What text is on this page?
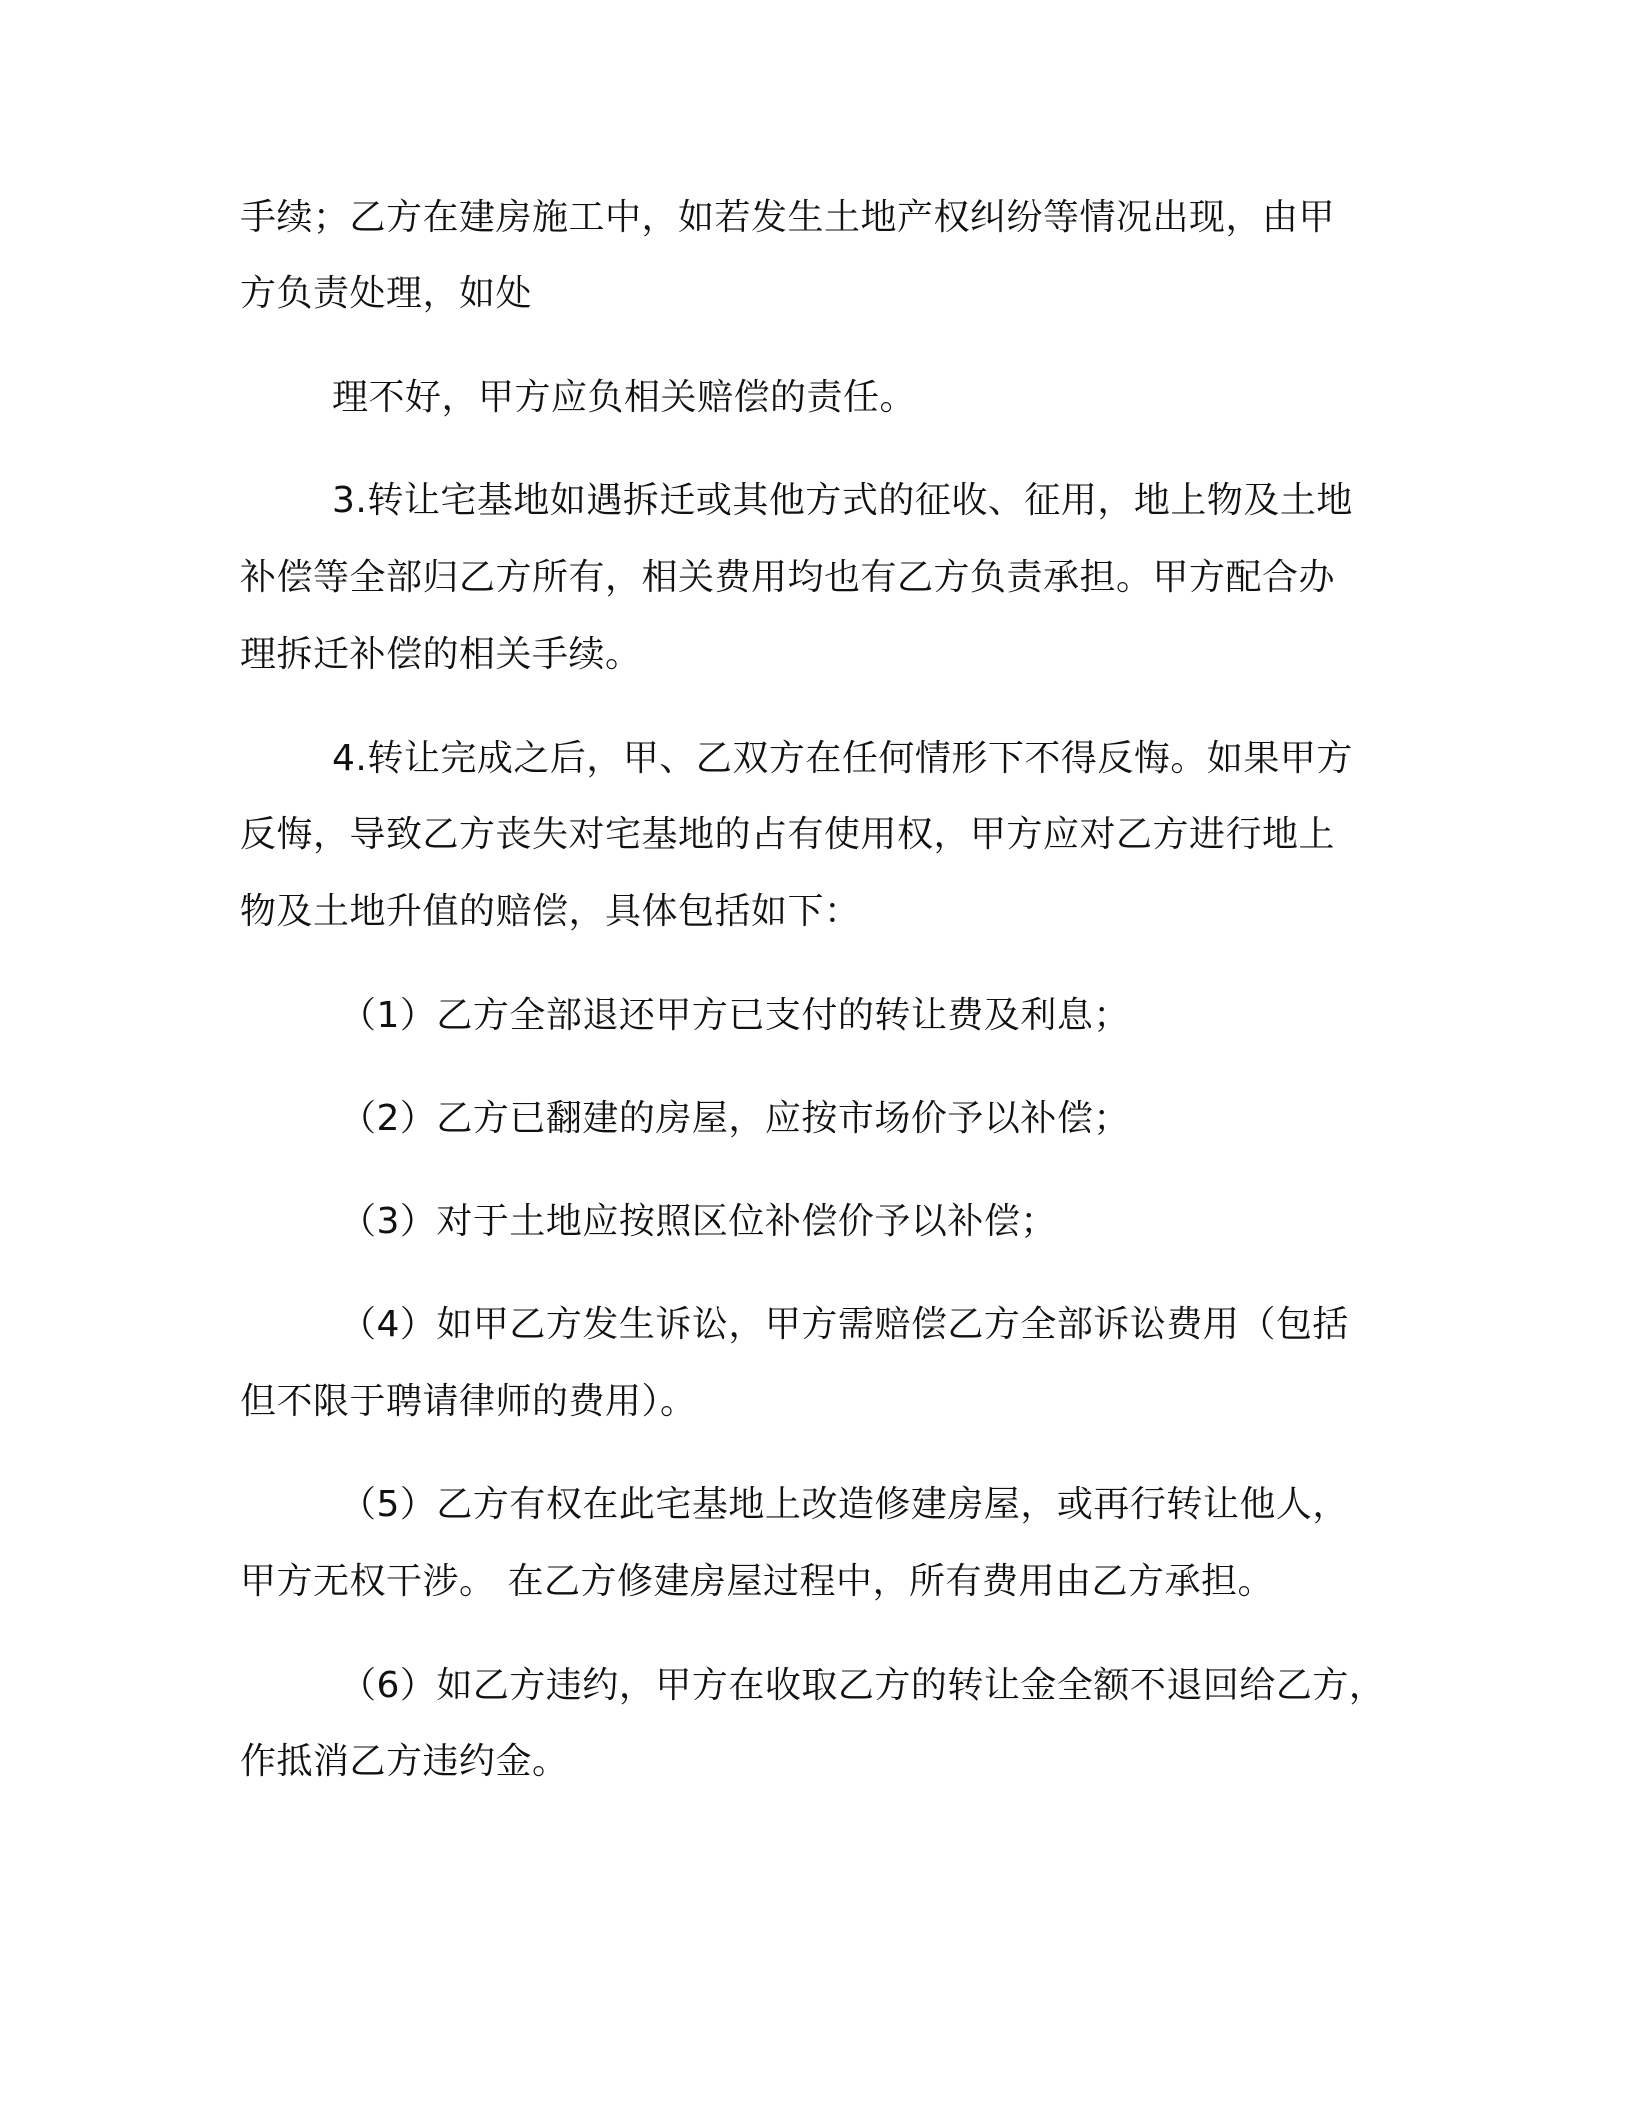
手续；乙方在建房施工中，如若发生土地产权纠纷等情况出现，由甲
方负责处理，如处
理不好，甲方应负相关赔偿的责任。
3.转让宅基地如遇拆迁或其他方式的征收、征用，地上物及土地
补偿等全部归乙方所有，相关费用均也有乙方负责承担。甲方配合办
理拆迁补偿的相关手续。
4.转让完成之后，甲、乙双方在任何情形下不得反悔。如果甲方
反悔，导致乙方丧失对宅基地的占有使用权，甲方应对乙方进行地上
物及土地升值的赔偿，具体包括如下：
（1）乙方全部退还甲方已支付的转让费及利息；
（2）乙方已翻建的房屋，应按市场价予以补偿；
（3）对于土地应按照区位补偿价予以补偿；
（4）如甲乙方发生诉讼，甲方需赔偿乙方全部诉讼费用（包括
但不限于聘请律师的费用）。
（5）乙方有权在此宅基地上改造修建房屋，或再行转让他人，
甲方无权干涉。 在乙方修建房屋过程中，所有费用由乙方承担。
（6）如乙方违约，甲方在收取乙方的转让金全额不退回给乙方，
作抵消乙方违约金。
